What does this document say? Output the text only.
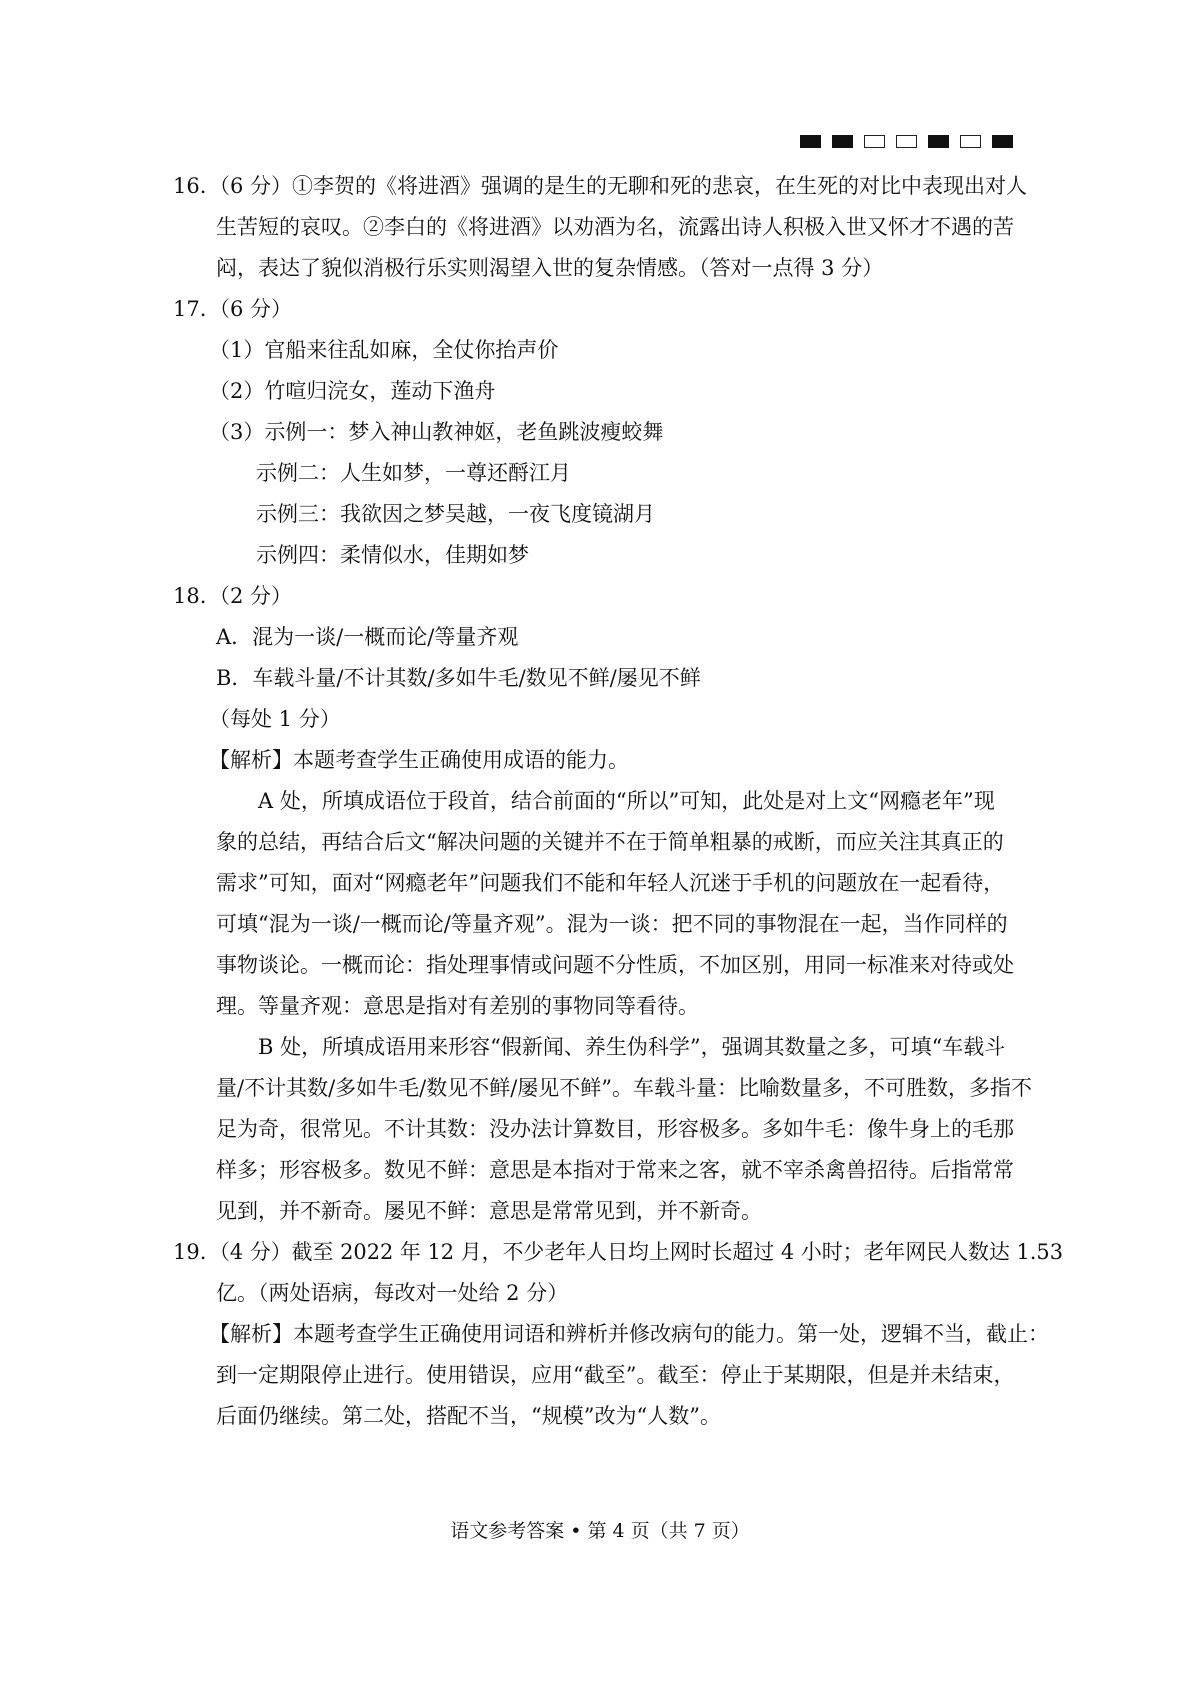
16. （6 分）①李贺的《将进酒》强调的是生的无聊和死的悲哀，在生死的对比中表现出对人
生苦短的哀叹。②李白的《将进酒》以劝酒为名，流露出诗人积极入世又怀才不遇的苦
闷，表达了貌似消极行乐实则渴望入世的复杂情感。（答对一点得 3 分）
17. （6 分）
（1）官船来往乱如麻，全仗你抬声价
（2）竹喧归浣女，莲动下渔舟
（3）示例一：梦入神山教神妪，老鱼跳波瘦蛟舞
示例二：人生如梦，一尊还酹江月
示例三：我欲因之梦吴越，一夜飞度镜湖月
示例四：柔情似水，佳期如梦
18. （2 分）
A．混为一谈/一概而论/等量齐观
B．车载斗量/不计其数/多如牛毛/数见不鲜/屡见不鲜
（每处 1 分）
【解析】本题考查学生正确使用成语的能力。
A 处，所填成语位于段首，结合前面的“所以”可知，此处是对上文“网瘾老年”现
象的总结，再结合后文“解决问题的关键并不在于简单粗暴的戒断，而应关注其真正的
需求”可知，面对“网瘾老年”问题我们不能和年轻人沉迷于手机的问题放在一起看待，
可填“混为一谈/一概而论/等量齐观”。混为一谈：把不同的事物混在一起，当作同样的
事物谈论。一概而论：指处理事情或问题不分性质，不加区别，用同一标准来对待或处
理。等量齐观：意思是指对有差别的事物同等看待。
B 处，所填成语用来形容“假新闻、养生伪科学”，强调其数量之多，可填“车载斗
量/不计其数/多如牛毛/数见不鲜/屡见不鲜”。车载斗量：比喻数量多，不可胜数，多指不
足为奇，很常见。不计其数：没办法计算数目，形容极多。多如牛毛：像牛身上的毛那
样多；形容极多。数见不鲜：意思是本指对于常来之客，就不宰杀禽兽招待。后指常常
见到，并不新奇。屡见不鲜：意思是常常见到，并不新奇。
19. （4 分）截至 2022 年 12 月，不少老年人日均上网时长超过 4 小时；老年网民人数达 1.53
亿。（两处语病，每改对一处给 2 分）
【解析】本题考查学生正确使用词语和辨析并修改病句的能力。第一处，逻辑不当，截止：
到一定期限停止进行。使用错误，应用“截至”。截至：停止于某期限，但是并未结束，
后面仍继续。第二处，搭配不当，“规模”改为“人数”。
语文参考答案 • 第 4 页（共 7 页）
